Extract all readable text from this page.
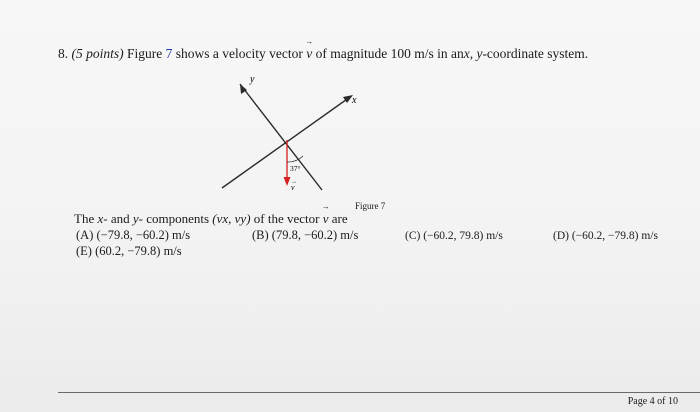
8. (5 points) Figure 7 shows a velocity vector → v of magnitude 100 m/s in anx, y-coordinate system.
y
x
37°
v
→
Figure 7
The x- and y- components (vx, vy) of the vector → v are
(A) (−79.8, −60.2) m/s	(B) (79.8, −60.2) m/s	(C) (−60.2, 79.8) m/s	(D) (−60.2, −79.8) m/s
(E) (60.2, −79.8) m/s
Page 4 of 10
